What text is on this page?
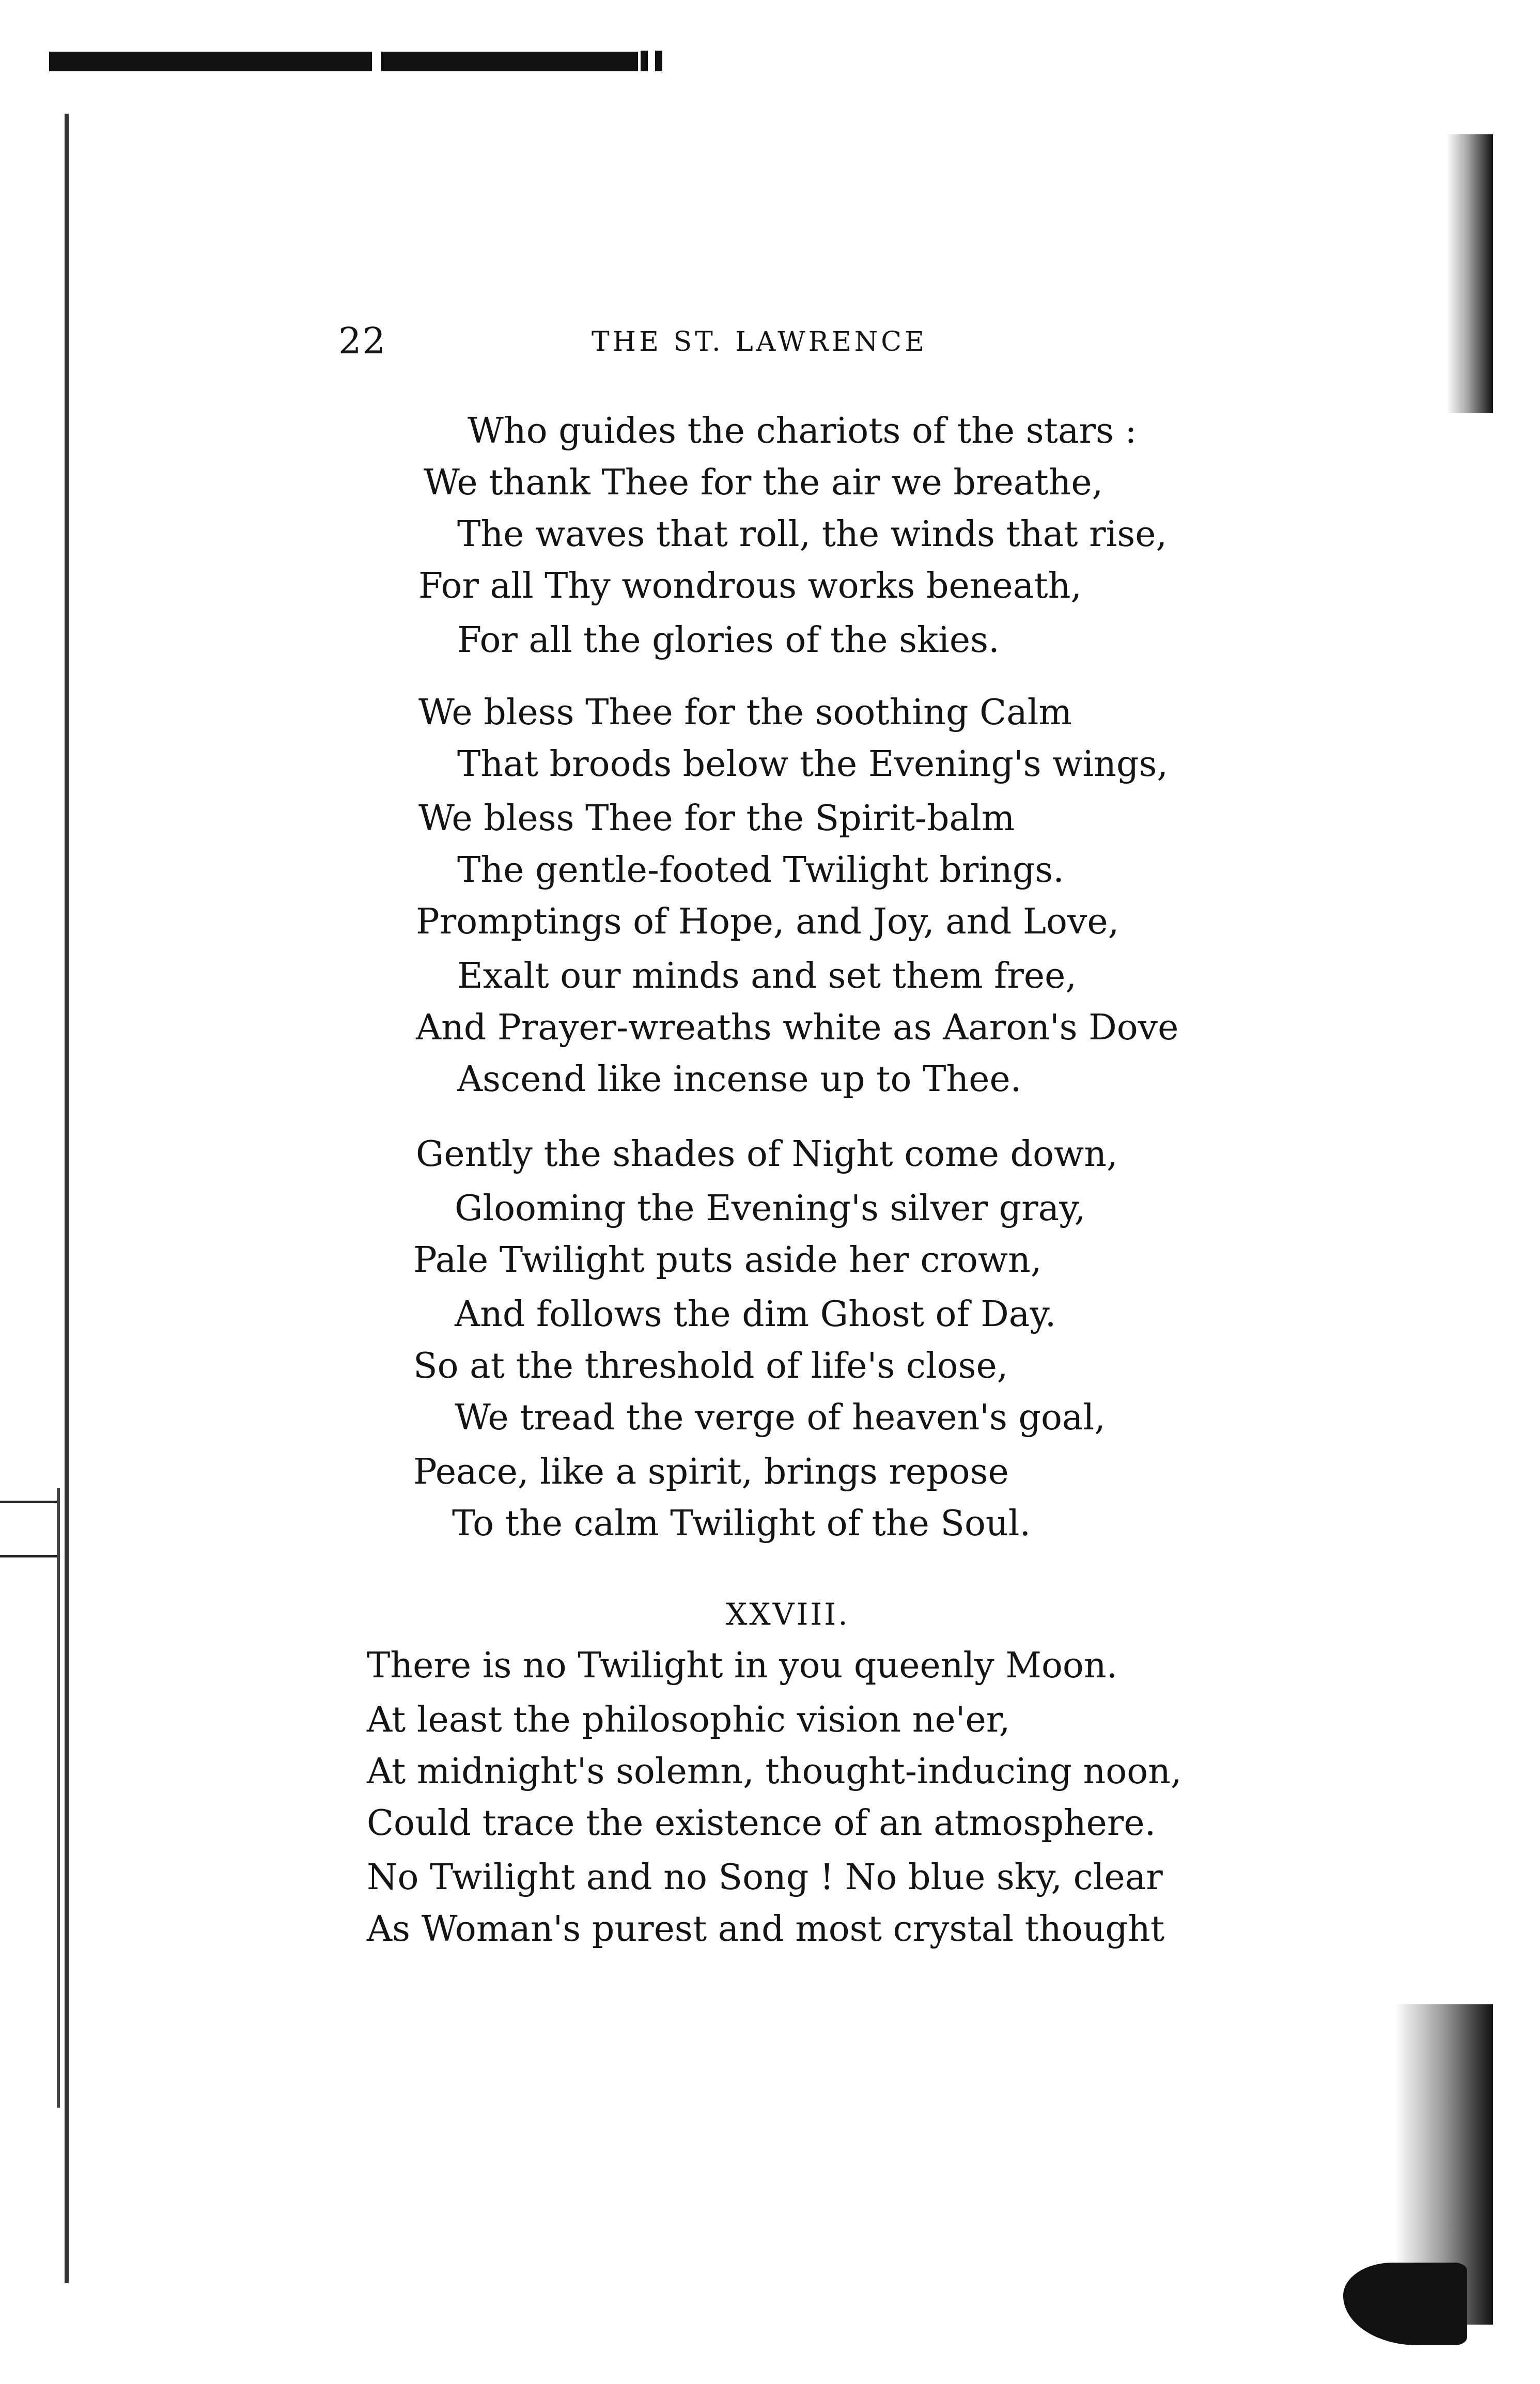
22	THE ST. LAWRENCE

Who guides the chariots of the stars :

We thank Thee for the air we breathe,

The waves that roll, the winds that rise,

For all Thy wondrous works beneath,

For all the glories of the skies.

We bless Thee for the soothing Calm

That broods below the Evening's wings,

We bless Thee for the Spirit-balm

The gentle-footed Twilight brings.

Promptings of Hope, and Joy, and Love,

Exalt our minds and set them free,

And Prayer-wreaths white as Aaron's Dove

Ascend like incense up to Thee.

Gently the shades of Night come down,

Glooming the Evening's silver gray,

Pale Twilight puts aside her crown,

And follows the dim Ghost of Day.

So at the threshold of life's close,

We tread the verge of heaven's goal,

Peace, like a spirit, brings repose

To the calm Twilight of the Soul.

XXVIII.

There is no Twilight in you queenly Moon.

At least the philosophic vision ne'er,

At midnight's solemn, thought-inducing noon,

Could trace the existence of an atmosphere.

No Twilight and no Song ! No blue sky, clear

As Woman's purest and most crystal thought
